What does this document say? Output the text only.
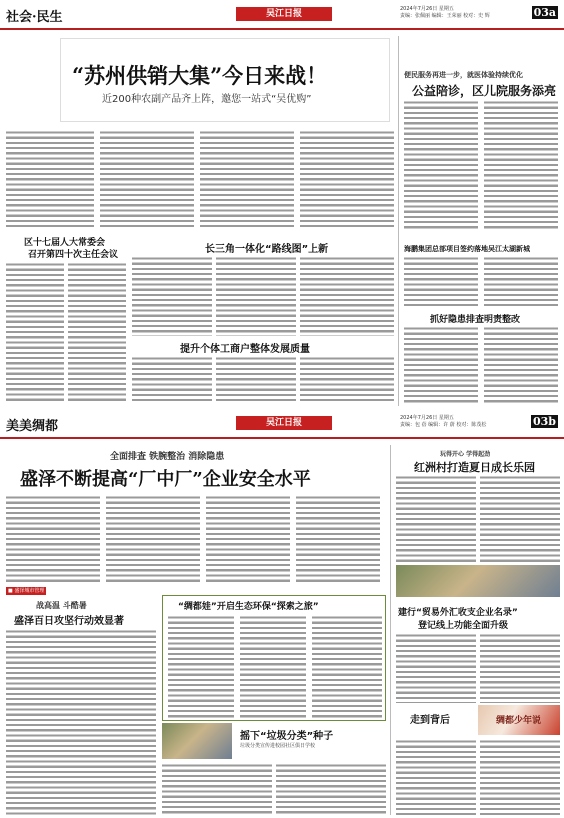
社会·民生	吴江日报	2024年7月26日 星期五
责编：张佩丽 编辑：王荣丽 校对：史 辉	03a
“苏州供销大集”今日来战！
近200种农副产品齐上阵，邀您一站式“吴优购”
区十七届人大常委会
召开第四十次主任会议	长三角一体化“路线图”上新
提升个体工商户整体发展质量
便民服务再进一步，就医体验持续优化
公益陪诊，区儿院服务添亮
海鹏集团总部项目签约落地吴江太湖新城
抓好隐患排查明责整改
美美绸都	吴江日报	2024年7月26日 星期五
责编：包 蓓 编辑：许 蔚 校对：陈茂松	03b
全面排查 铁腕整治 消除隐患
盛泽不断提高“厂中厂”企业安全水平
■ 盛泽城市管理
战高温 斗酷暑
盛泽百日攻坚行动效显著
“绸都娃”开启生态环保“探索之旅”
摇下“垃圾分类”种子
垃圾分类宣传进校园社区俱日学校
玩得开心 学得起劲
红洲村打造夏日成长乐园
建行“贸易外汇收支企业名录”
登记线上功能全面升级
走到背后	绸都少年说
